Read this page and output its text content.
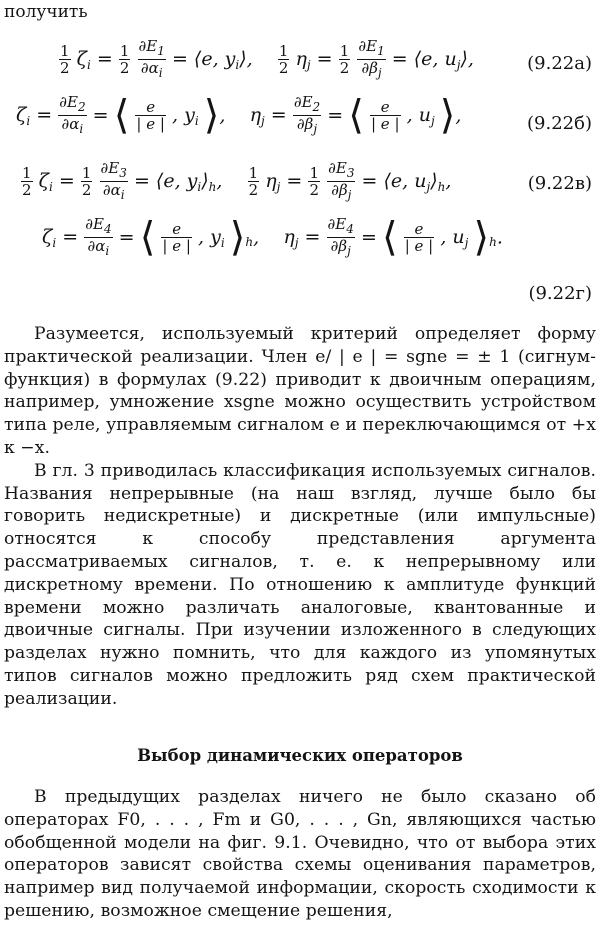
получить
$\frac{1}{2} \zeta_i = \frac{1}{2}$
$\frac{\partial E_1}{\partial\alpha_i}$ = ⟨e, $y_i⟩$, $\frac{1}{2} \eta_j = \frac{1}{2}$
$\frac{\partial E_1}{\partial\beta_j}$ = ⟨e, $u_j⟩$,	(9.22а)
$\zeta_i = \frac{\partial E_2}{\partial\alpha_i}$ = ⟨ $\frac{e}{| e |}$ , $y_i$ ⟩, $\eta_j = \frac{\partial E_2}{\partial\beta_j}$ = ⟨ $\frac{e}{| e |}$ , $u_j$ ⟩,	(9.22б)
$\frac{1}{2} \zeta_i = \frac{1}{2}$
$\frac{\partial E_3}{\partial\alpha_i}$ = ⟨e, $y_i⟩_h$, $\frac{1}{2} \eta_j = \frac{1}{2}$
$\frac{\partial E_3}{\partial\beta_j}$ = ⟨e, $u_j⟩_h$,	(9.22в)
$\zeta_i = \frac{\partial E_4}{\partial\alpha_i}$ = ⟨ $\frac{e}{| e |}$ , $y_i$ $⟩_h$, $\eta_j = \frac{\partial E_4}{\partial\beta_j}$ = ⟨ $\frac{e}{| e |}$ , $u_j$ $⟩_h$.
(9.22г)

Разумеется, используемый критерий определяет форму практической реализации. Член e/ | e | = sgne = ± 1 (сигнум-функция) в формулах (9.22) приводит к двоичным операциям, например, умножение xsgne можно осуществить устройством типа реле, управляемым сигналом e и переключающимся от +x к −x.

В гл. 3 приводилась классификация используемых сигналов. Названия непрерывные (на наш взгляд, лучше было бы говорить недискретные) и дискретные (или импульсные) относятся к способу представления аргумента рассматриваемых сигналов, т. е. к непрерывному или дискретному времени. По отношению к амплитуде функций времени можно различать аналоговые, квантованные и двоичные сигналы. При изучении изложенного в следующих разделах нужно помнить, что для каждого из упомянутых типов сигналов можно предложить ряд схем практической реализации.

Выбор динамических операторов

В предыдущих разделах ничего не было сказано об операторах F0, . . . , Fm и G0, . . . , Gn, являющихся частью обобщенной модели на фиг. 9.1. Очевидно, что от выбора этих операторов зависят свойства схемы оценивания параметров, например вид получаемой информации, скорость сходимости к решению, возможное смещение решения,
